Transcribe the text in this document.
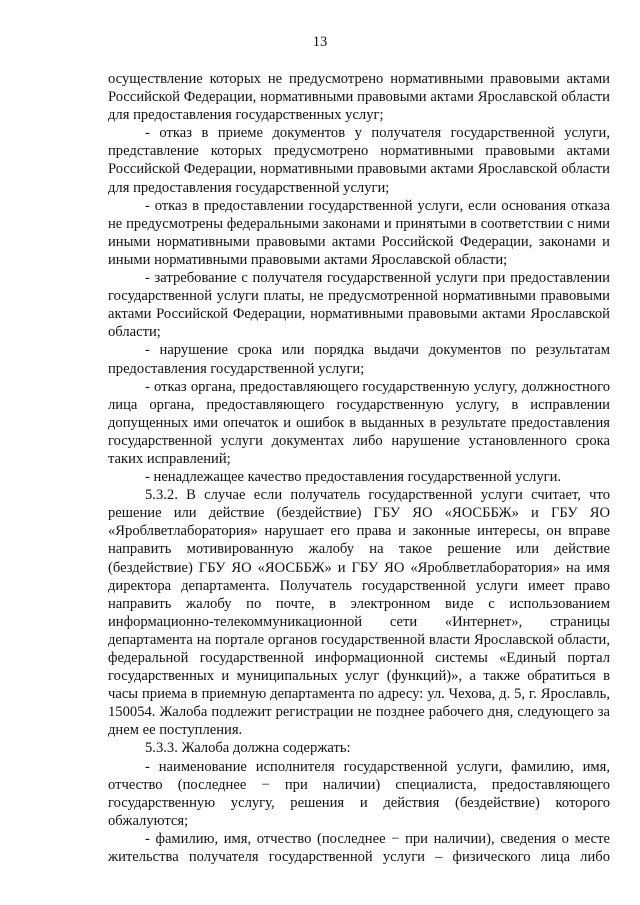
13

осуществление которых не предусмотрено нормативными правовыми актами Российской Федерации, нормативными правовыми актами Ярославской области для предоставления государственных услуг;

- отказ в приеме документов у получателя государственной услуги, представление которых предусмотрено нормативными правовыми актами Российской Федерации, нормативными правовыми актами Ярославской области для предоставления государственной услуги;

- отказ в предоставлении государственной услуги, если основания отказа не предусмотрены федеральными законами и принятыми в соответствии с ними иными нормативными правовыми актами Российской Федерации, законами и иными нормативными правовыми актами Ярославской области;

- затребование с получателя государственной услуги при предоставлении государственной услуги платы, не предусмотренной нормативными правовыми актами Российской Федерации, нормативными правовыми актами Ярославской области;

- нарушение срока или порядка выдачи документов по результатам предоставления государственной услуги;

- отказ органа, предоставляющего государственную услугу, должностного лица органа, предоставляющего государственную услугу, в исправлении допущенных ими опечаток и ошибок в выданных в результате предоставления государственной услуги документах либо нарушение установленного срока таких исправлений;

- ненадлежащее качество предоставления государственной услуги.

5.3.2. В случае если получатель государственной услуги считает, что решение или действие (бездействие) ГБУ ЯО «ЯОСББЖ» и ГБУ ЯО «Яроблветлаборатория» нарушает его права и законные интересы, он вправе направить мотивированную жалобу на такое решение или действие (бездействие) ГБУ ЯО «ЯОСББЖ» и ГБУ ЯО «Яроблветлаборатория» на имя директора департамента. Получатель государственной услуги имеет право направить жалобу по почте, в электронном виде с использованием информационно-телекоммуникационной сети «Интернет», страницы департамента на портале органов государственной власти Ярославской области, федеральной государственной информационной системы «Единый портал государственных и муниципальных услуг (функций)», а также обратиться в часы приема в приемную департамента по адресу: ул. Чехова, д. 5, г. Ярославль, 150054. Жалоба подлежит регистрации не позднее рабочего дня, следующего за днем ее поступления.

5.3.3. Жалоба должна содержать:

- наименование исполнителя государственной услуги, фамилию, имя, отчество (последнее − при наличии) специалиста, предоставляющего государственную услугу, решения и действия (бездействие) которого обжалуются;

- фамилию, имя, отчество (последнее − при наличии), сведения о месте жительства получателя государственной услуги – физического лица либо
